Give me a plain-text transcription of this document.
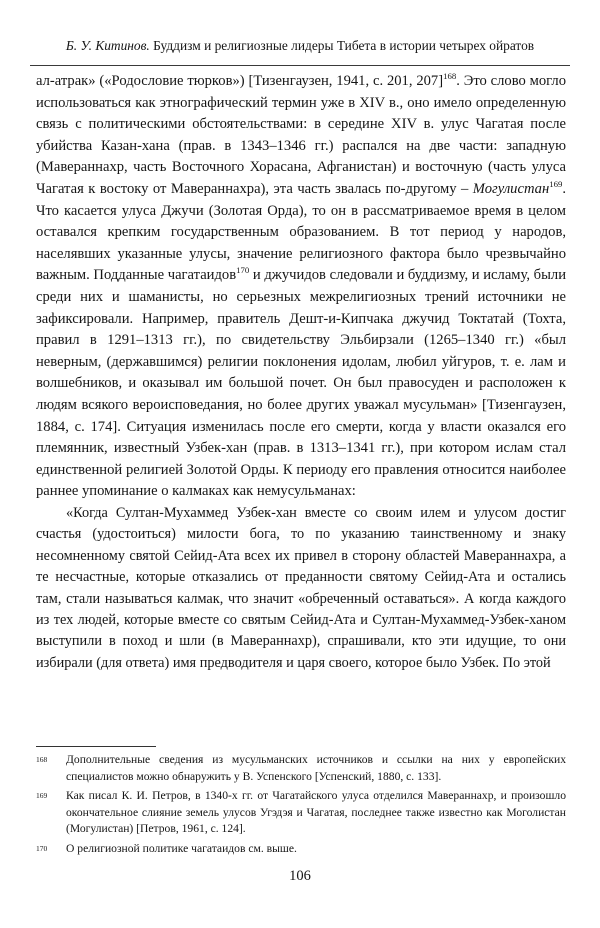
Б. У. Китинов. Буддизм и религиозные лидеры Тибета в истории четырех ойратов

ал-атрак» («Родословие тюрков») [Тизенгаузен, 1941, с. 201, 207]$^{168}$. Это слово могло использоваться как этнографический термин уже в XIV в., оно имело определенную связь с политическими обстоятельствами: в середине XIV в. улус Чагатая после убийства Казан-хана (прав. в 1343–1346 гг.) распался на две части: западную (Мавераннахр, часть Восточного Хорасана, Афганистан) и восточную (часть улуса Чагатая к востоку от Мавераннахра), эта часть звалась по-другому – Могулистан$^{169}$. Что касается улуса Джучи (Золотая Орда), то он в рассматриваемое время в целом оставался крепким государственным образованием. В тот период у народов, населявших указанные улусы, значение религиозного фактора было чрезвычайно важным. Подданные чагатаидов$^{170}$ и джучидов следовали и буддизму, и исламу, были среди них и шаманисты, но серьезных межрелигиозных трений источники не зафиксировали. Например, правитель Дешт-и-Кипчака джучид Токтатай (Тохта, правил в 1291–1313 гг.), по свидетельству Эльбирзали (1265–1340 гг.) «был неверным, (державшимся) религии поклонения идолам, любил уйгуров, т. е. лам и волшебников, и оказывал им большой почет. Он был правосуден и расположен к людям всякого вероисповедания, но более других уважал мусульман» [Тизенгаузен, 1884, с. 174]. Ситуация изменилась после его смерти, когда у власти оказался его племянник, известный Узбек-хан (прав. в 1313–1341 гг.), при котором ислам стал единственной религией Золотой Орды. К периоду его правления относится наиболее раннее упоминание о калмаках как немусульманах:

«Когда Султан-Мухаммед Узбек-хан вместе со своим илем и улусом достиг счастья (удостоиться) милости бога, то по указанию таинственному и знаку несомненному святой Сейид-Ата всех их привел в сторону областей Мавераннахра, а те несчастные, которые отказались от преданности святому Сейид-Ата и остались там, стали называться калмак, что значит «обреченный оставаться». А когда каждого из тех людей, которые вместе со святым Сейид-Ата и Султан-Мухаммед-Узбек-ханом выступили в поход и шли (в Мавераннахр), спрашивали, кто эти идущие, то они избирали (для ответа) имя предводителя и царя своего, которое было Узбек. По этой

168 Дополнительные сведения из мусульманских источников и ссылки на них у европейских специалистов можно обнаружить у В. Успенского [Успенский, 1880, с. 133].
169 Как писал К. И. Петров, в 1340-х гг. от Чагатайского улуса отделился Мавераннахр, и произошло окончательное слияние земель улусов Угэдэя и Чагатая, последнее также известно как Моголистан (Могулистан) [Петров, 1961, с. 124].
170 О религиозной политике чагатаидов см. выше.
106
